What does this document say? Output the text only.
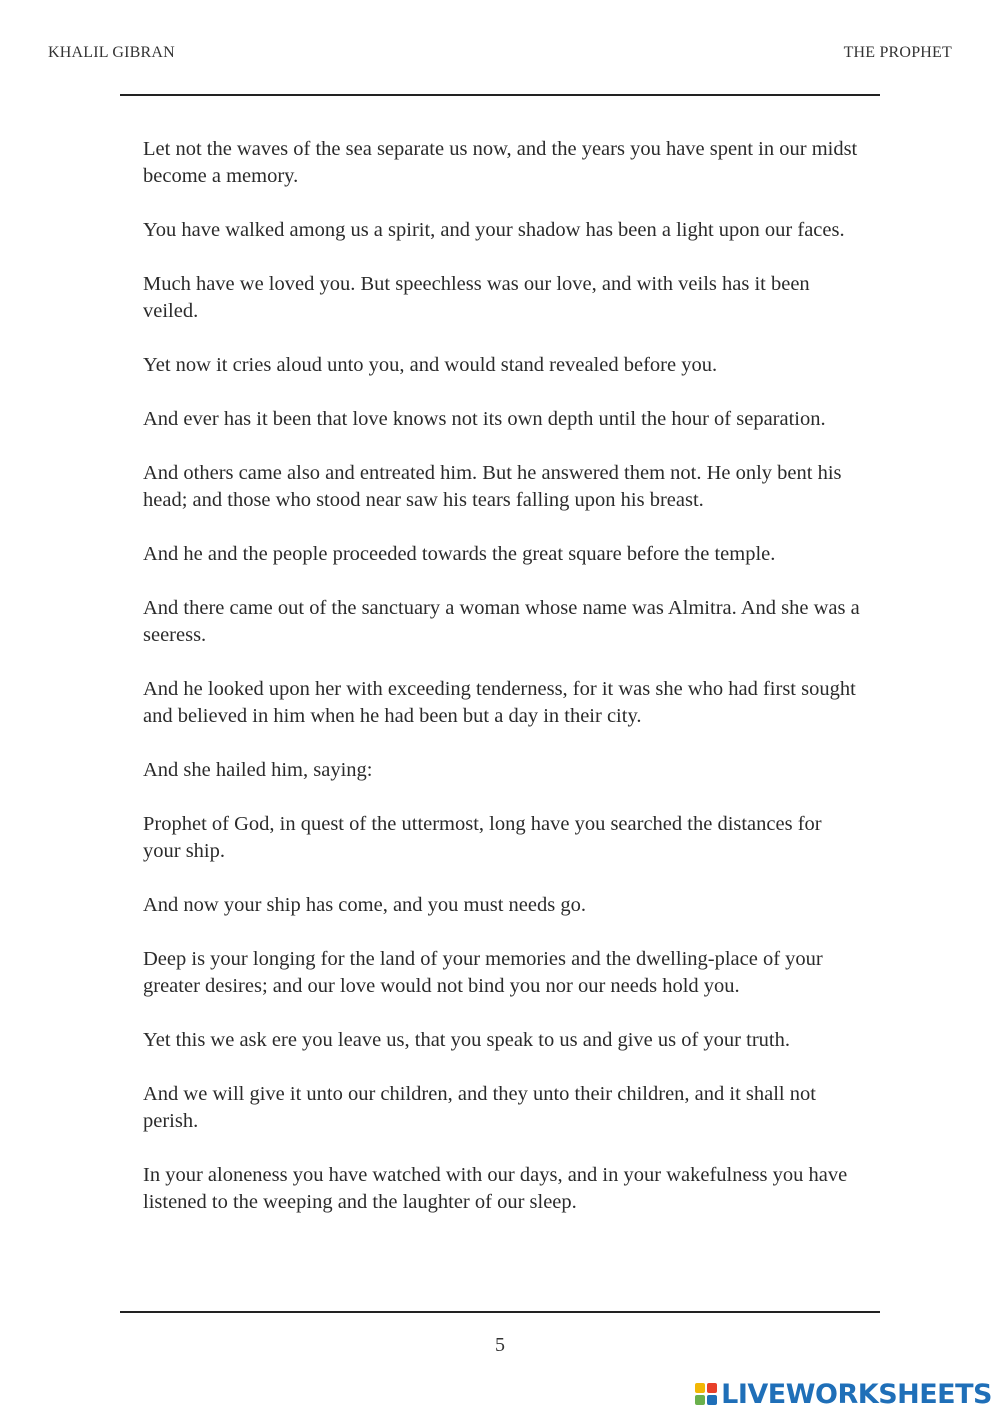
KHALIL GIBRAN	THE PROPHET

Let not the waves of the sea separate us now, and the years you have spent in our midst become a memory.

You have walked among us a spirit, and your shadow has been a light upon our faces.

Much have we loved you. But speechless was our love, and with veils has it been veiled.

Yet now it cries aloud unto you, and would stand revealed before you.

And ever has it been that love knows not its own depth until the hour of separation.

And others came also and entreated him. But he answered them not. He only bent his head; and those who stood near saw his tears falling upon his breast.

And he and the people proceeded towards the great square before the temple.

And there came out of the sanctuary a woman whose name was Almitra. And she was a seeress.

And he looked upon her with exceeding tenderness, for it was she who had first sought and believed in him when he had been but a day in their city.

And she hailed him, saying:

Prophet of God, in quest of the uttermost, long have you searched the distances for your ship.

And now your ship has come, and you must needs go.

Deep is your longing for the land of your memories and the dwelling-place of your greater desires; and our love would not bind you nor our needs hold you.

Yet this we ask ere you leave us, that you speak to us and give us of your truth.

And we will give it unto our children, and they unto their children, and it shall not perish.

In your aloneness you have watched with our days, and in your wakefulness you have listened to the weeping and the laughter of our sleep.

5
LIVEWORKSHEETS
